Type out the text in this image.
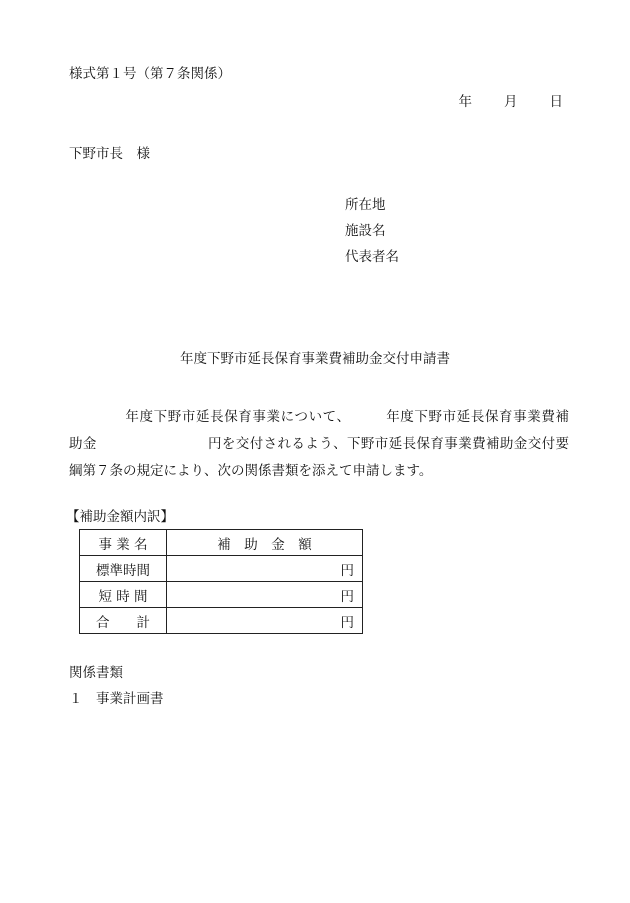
様式第１号（第７条関係）
年 月 日
下野市長　様
所在地
施設名
代表者名
年度下野市延長保育事業費補助金交付申請書
　　　　年度下野市延長保育事業について、　　　年度下野市延長保育事業費補
助金　　　　　　　　円を交付されるよう、下野市延長保育事業費補助金交付要
綱第７条の規定により、次の関係書類を添えて申請します。
【補助金額内訳】
事 業 名	補　助　金　額
標準時間	円
短 時 間	円
合　　計	円
関係書類
１　事業計画書
